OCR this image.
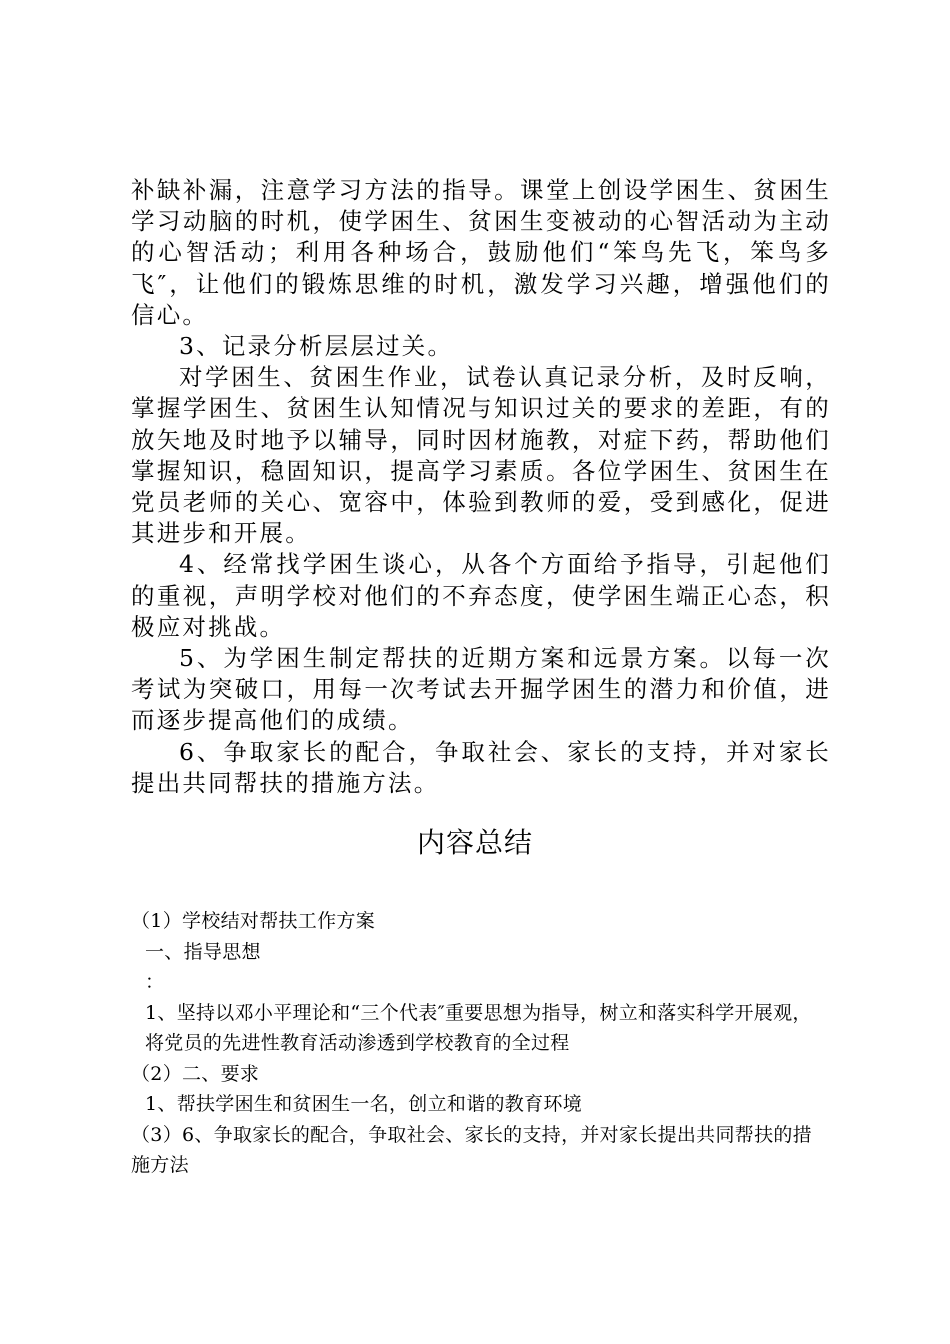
补缺补漏，注意学习方法的指导。课堂上创设学困生、贫困生学习动脑的时机，使学困生、贫困生变被动的心智活动为主动的心智活动；利用各种场合，鼓励他们“笨鸟先飞，笨鸟多飞″，让他们的锻炼思维的时机，激发学习兴趣，增强他们的信心。

3、记录分析层层过关。

对学困生、贫困生作业，试卷认真记录分析，及时反响，掌握学困生、贫困生认知情况与知识过关的要求的差距，有的放矢地及时地予以辅导，同时因材施教，对症下药，帮助他们掌握知识，稳固知识，提高学习素质。各位学困生、贫困生在党员老师的关心、宽容中，体验到教师的爱，受到感化，促进其进步和开展。

4、经常找学困生谈心，从各个方面给予指导，引起他们的重视，声明学校对他们的不弃态度，使学困生端正心态，积极应对挑战。

5、为学困生制定帮扶的近期方案和远景方案。以每一次考试为突破口，用每一次考试去开掘学困生的潜力和价值，进而逐步提高他们的成绩。

6、争取家长的配合，争取社会、家长的支持，并对家长提出共同帮扶的措施方法。

内容总结

（1）学校结对帮扶工作方案

一、指导思想

：

1、坚持以邓小平理论和“三个代表″重要思想为指导，树立和落实科学开展观，将党员的先进性教育活动渗透到学校教育的全过程

（2）二、要求

1、帮扶学困生和贫困生一名，创立和谐的教育环境

（3）6、争取家长的配合，争取社会、家长的支持，并对家长提出共同帮扶的措施方法
